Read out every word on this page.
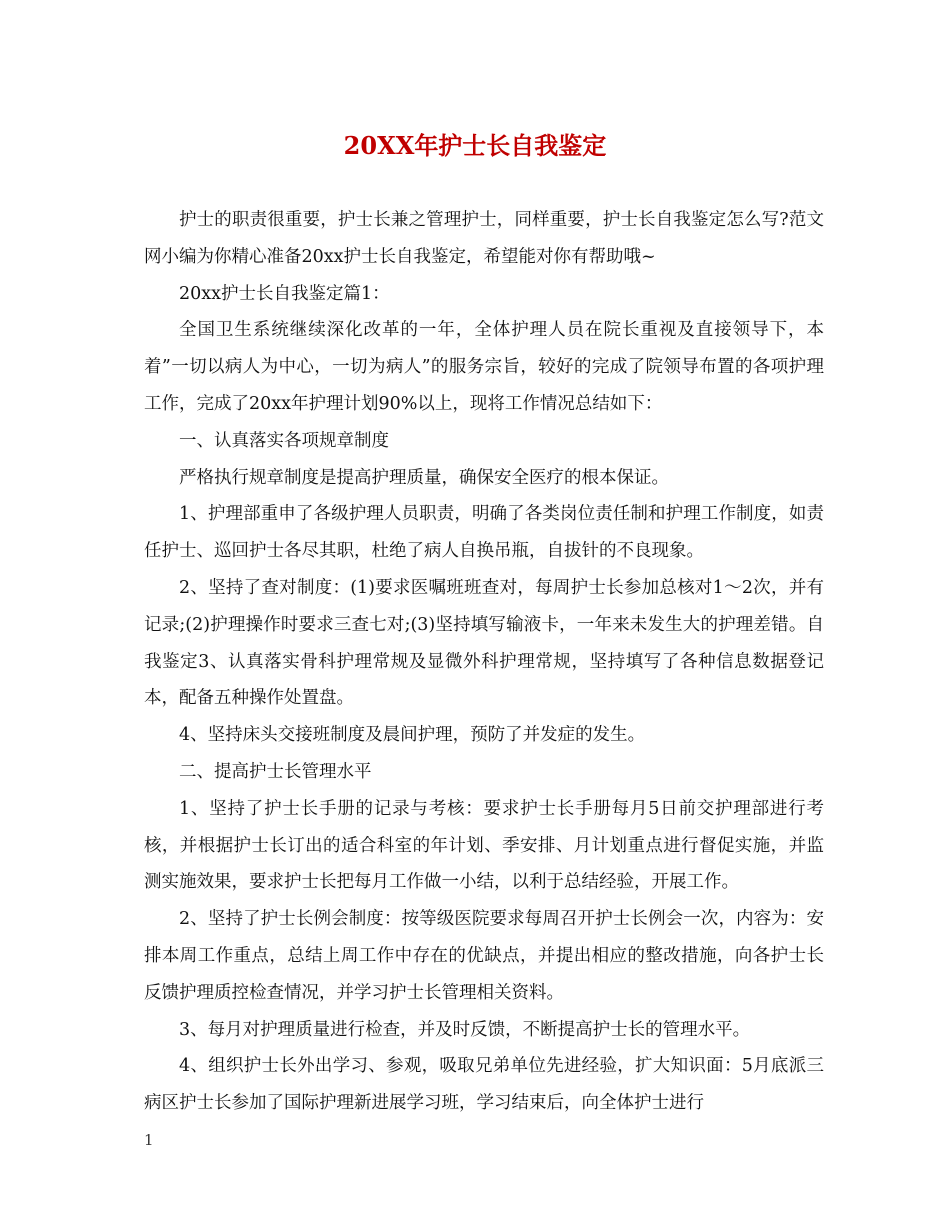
20XX年护士长自我鉴定

护士的职责很重要，护士长兼之管理护士，同样重要，护士长自我鉴定怎么写?范文网小编为你精心准备20xx护士长自我鉴定，希望能对你有帮助哦~

20xx护士长自我鉴定篇1：

全国卫生系统继续深化改革的一年，全体护理人员在院长重视及直接领导下，本着”一切以病人为中心，一切为病人”的服务宗旨，较好的完成了院领导布置的各项护理工作，完成了20xx年护理计划90%以上，现将工作情况总结如下：

一、认真落实各项规章制度

严格执行规章制度是提高护理质量，确保安全医疗的根本保证。

1、护理部重申了各级护理人员职责，明确了各类岗位责任制和护理工作制度，如责任护士、巡回护士各尽其职，杜绝了病人自换吊瓶，自拔针的不良现象。

2、坚持了查对制度：(1)要求医嘱班班查对，每周护士长参加总核对1～2次，并有记录;(2)护理操作时要求三查七对;(3)坚持填写输液卡，一年来未发生大的护理差错。自我鉴定3、认真落实骨科护理常规及显微外科护理常规，坚持填写了各种信息数据登记本，配备五种操作处置盘。

4、坚持床头交接班制度及晨间护理，预防了并发症的发生。

二、提高护士长管理水平

1、坚持了护士长手册的记录与考核：要求护士长手册每月5日前交护理部进行考核，并根据护士长订出的适合科室的年计划、季安排、月计划重点进行督促实施，并监测实施效果，要求护士长把每月工作做一小结，以利于总结经验，开展工作。

2、坚持了护士长例会制度：按等级医院要求每周召开护士长例会一次，内容为：安排本周工作重点，总结上周工作中存在的优缺点，并提出相应的整改措施，向各护士长反馈护理质控检查情况，并学习护士长管理相关资料。

3、每月对护理质量进行检查，并及时反馈，不断提高护士长的管理水平。

4、组织护士长外出学习、参观，吸取兄弟单位先进经验，扩大知识面：5月底派三病区护士长参加了国际护理新进展学习班，学习结束后，向全体护士进行

1
